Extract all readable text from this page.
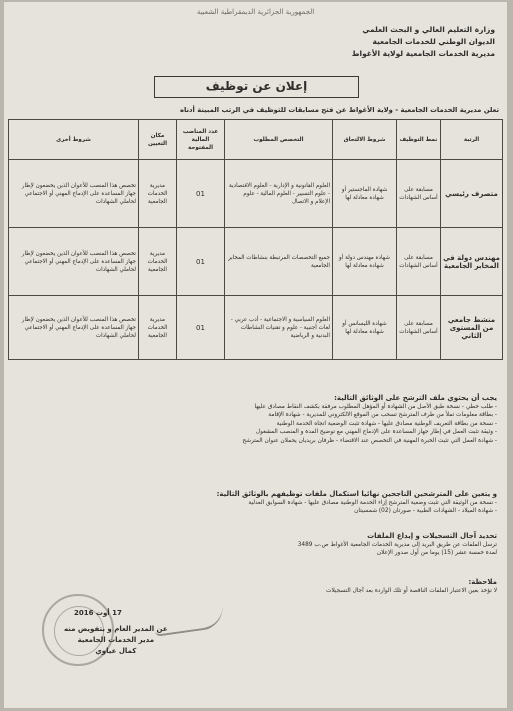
الجمهورية الجزائرية الديمقراطية الشعبية
وزارة التعليم العالي و البحث العلمي
الديوان الوطني للخدمات الجامعية
مديرية الخدمات الجامعية لولاية الأغواط
إعلان عن توظيف
تعلن مديرية الخدمات الجامعية - ولاية الأغواط عن فتح مسابقات للتوظيف في الرتب المبينة أدناه
الرتبة	نمط التوظيف	شروط الالتحاق	التخصص المطلوب	عدد المناصب المالية المفتوحة	مكان التعيين	شروط أخرى
متصرف رئيسي	مسابقة على أساس الشهادات	شهادة الماجستير أو شهادة معادلة لها	العلوم القانونية و الإدارية - العلوم الاقتصادية - علوم التسيير - العلوم المالية - علوم الإعلام و الاتصال	01	مديرية الخدمات الجامعية	تخصص هذا المنصب للأعوان الذين يخضعون لإطار جهاز المساعدة على الإدماج المهني أو الاجتماعي لحاملي الشهادات
مهندس دولة في المخابر الجامعية	مسابقة على أساس الشهادات	شهادة مهندس دولة أو شهادة معادلة لها	جميع التخصصات المرتبطة بنشاطات المخابر الجامعية	01	مديرية الخدمات الجامعية	تخصص هذا المنصب للأعوان الذين يخضعون لإطار جهاز المساعدة على الإدماج المهني أو الاجتماعي لحاملي الشهادات
منشط جامعي من المستوى الثاني	مسابقة على أساس الشهادات	شهادة الليسانس أو شهادة معادلة لها	العلوم السياسية و الاجتماعية - أدب عربي - لغات أجنبية - علوم و تقنيات النشاطات البدنية و الرياضية	01	مديرية الخدمات الجامعية	تخصص هذا المنصب للأعوان الذين يخضعون لإطار جهاز المساعدة على الإدماج المهني أو الاجتماعي لحاملي الشهادات
يجب أن يحتوي ملف الترشح على الوثائق التالية:
- طلب خطي - نسخة طبق الأصل من الشهادة أو المؤهل المطلوب مرفقة بكشف النقاط مصادق عليها
- بطاقة معلومات تملأ من طرف المترشح تسحب من الموقع الالكتروني للمديرية - شهادة الإقامة
- نسخة من بطاقة التعريف الوطنية مصادق عليها - شهادة تثبت الوضعية اتجاه الخدمة الوطنية
- وثيقة تثبت العمل في إطار جهاز المساعدة على الإدماج المهني مع توضيح المدة و المنصب المشغول
- شهادة العمل التي تثبت الخبرة المهنية في التخصص عند الاقتضاء - ظرفان بريديان يحملان عنوان المترشح
و يتعين على المترشحين الناجحين نهائيا استكمال ملفات توظيفهم بالوثائق التالية:
- نسخة من الوثيقة التي تثبت وضعية المترشح إزاء الخدمة الوطنية مصادق عليها - شهادة السوابق العدلية
- شهادة الميلاد - الشهادات الطبية - صورتان (02) شمسيتان
تحديد آجال التسجيلات و إيداع الملفات
ترسل الملفات عن طريق البريد إلى مديرية الخدمات الجامعية الأغواط ص.ب 3489
لمدة خمسة عشر (15) يوما من أول صدور الإعلان
ملاحظة:
لا تؤخذ بعين الاعتبار الملفات الناقصة أو تلك الواردة بعد آجال التسجيلات
17 أوت 2016
عن المدير العام و بتفويض منه
مدير الخدمات الجامعية
كمال عياوي
